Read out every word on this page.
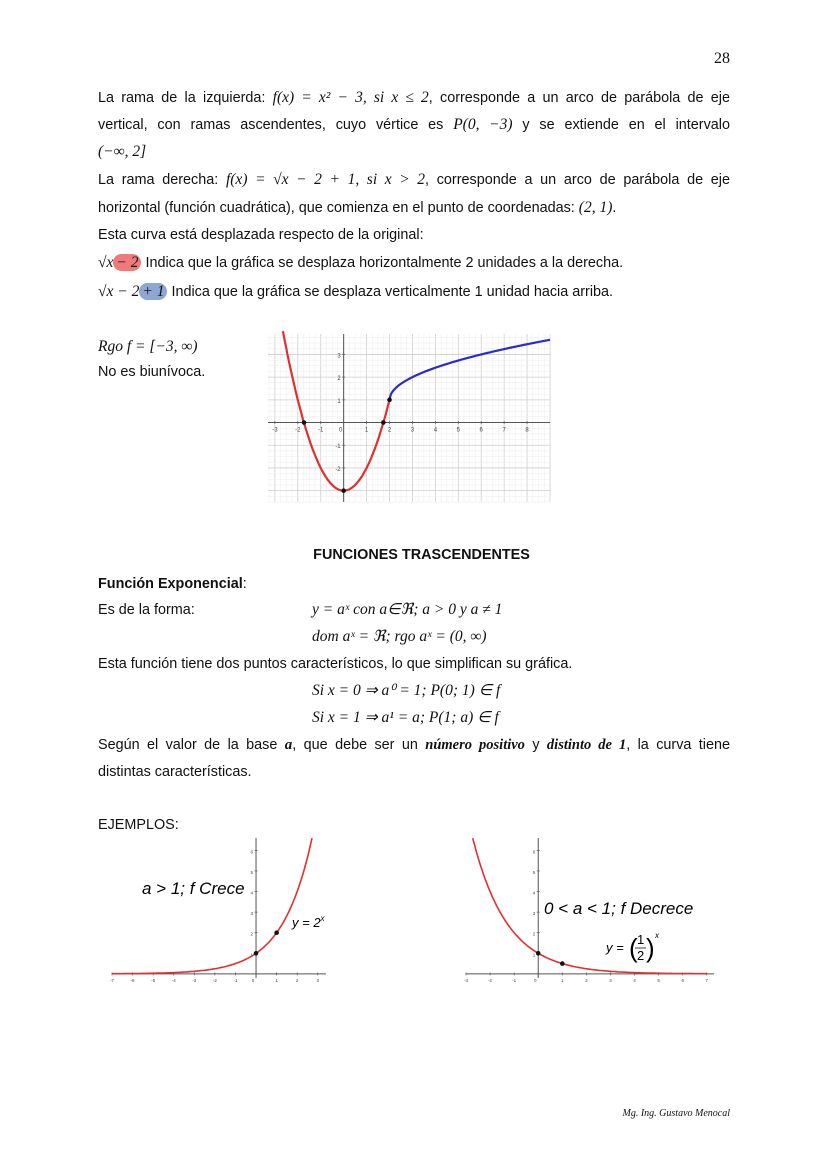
28
La rama de la izquierda: f(x) = x² − 3, si x ≤ 2, corresponde a un arco de parábola de eje
vertical, con ramas ascendentes, cuyo vértice es P(0, −3) y se extiende en el intervalo
(−∞, 2]
La rama derecha: f(x) = √x − 2 + 1, si x > 2, corresponde a un arco de parábola de eje
horizontal (función cuadrática), que comienza en el punto de coordenadas: (2, 1).
Esta curva está desplazada respecto de la original:
√x − 2 Indica que la gráfica se desplaza horizontalmente 2 unidades a la derecha.
√x − 2 + 1 Indica que la gráfica se desplaza verticalmente 1 unidad hacia arriba.
Rgo f = [−3, ∞)
No es biunívoca.
-3	-2	-1	0	1	2	3	4	5	6	7	8
3
2
1
-1
-2
FUNCIONES TRASCENDENTES
Función Exponencial:
Es de la forma:	y = aˣ con a∈ℜ; a > 0 y a ≠ 1
dom aˣ = ℜ; rgo aˣ = (0, ∞)
Esta función tiene dos puntos característicos, lo que simplifican su gráfica.
Si x = 0 ⇒ a⁰ = 1; P(0; 1) ∈ f
Si x = 1 ⇒ a¹ = a; P(1; a) ∈ f
Según el valor de la base a, que debe ser un número positivo y distinto de 1, la curva tiene
distintas características.
EJEMPLOS:
-7	-6	-5	-4	-3	-2	-1	0	1	2	3
1
2
3
4
5
6
a > 1; f Crece
$y = 2^x$
-3	-2	-1	0	1	2	3	4	5	6	7
1
2
3
4
5
6
0 < a < 1; f Decrece
y = ( 1
2 ) x
Mg. Ing. Gustavo Menocal
